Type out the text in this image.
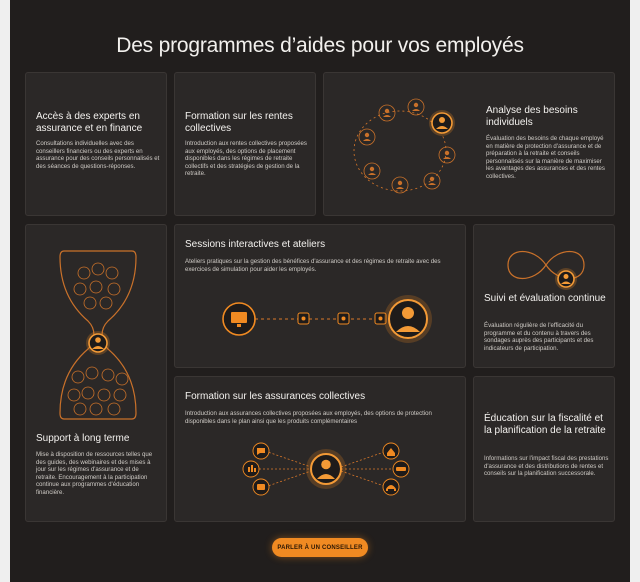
Des programmes d’aides pour vos employés
Accès à des experts en assurance et en finance

Consultations individuelles avec des conseillers financiers ou des experts en assurance pour des conseils personnalisés et des séances de questions-réponses.

Formation sur les rentes collectives

Introduction aux rentes collectives proposées aux employés, des options de placement disponibles dans les régimes de retraite collectifs et des stratégies de gestion de la retraite.

Analyse des besoins individuels

Évaluation des besoins de chaque employé en matière de protection d'assurance et de préparation à la retraite et conseils personnalisés sur la manière de maximiser les avantages des assurances et des rentes collectives.

Support à long terme

Mise à disposition de ressources telles que des guides, des webinaires et des mises à jour sur les régimes d'assurance et de retraite. Encouragement à la participation continue aux programmes d'éducation financière.

Sessions interactives et ateliers

Ateliers pratiques sur la gestion des bénéfices d'assurance et des régimes de retraite avec des exercices de simulation pour aider les employés.

Suivi et évaluation continue

Évaluation régulière de l'efficacité du programme et du contenu à travers des sondages auprès des participants et des indicateurs de participation.

Formation sur les assurances collectives

Introduction aux assurances collectives proposées aux employés, des options de protection disponibles dans le plan ainsi que les produits complémentaires	Éducation sur la fiscalité et la planification de la retraite

Informations sur l'impact fiscal des prestations d'assurance et des distributions de rentes et conseils sur la planification successorale.

PARLER À UN CONSEILLER
